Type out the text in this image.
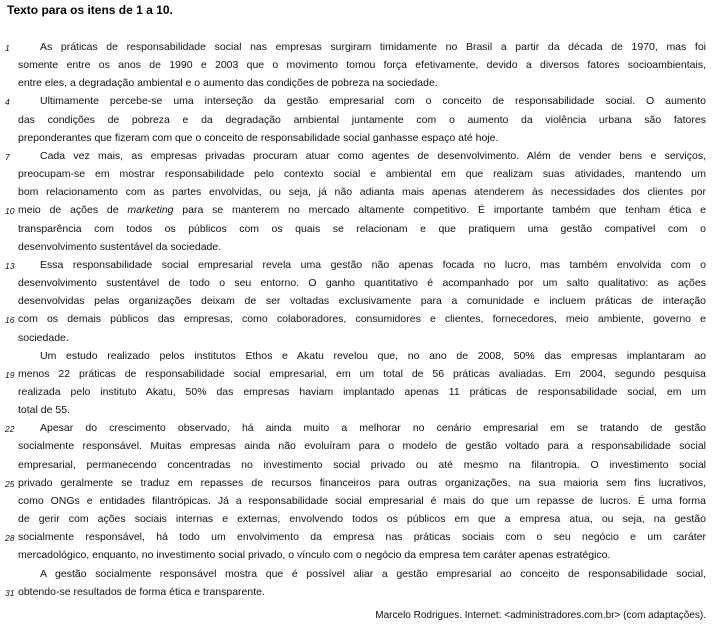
Texto para os itens de 1 a 10.
1	As práticas de responsabilidade social nas empresas surgiram timidamente no Brasil a partir da década de 1970, mas foi
somente entre os anos de 1990 e 2003 que o movimento tomou força efetivamente, devido a diversos fatores socioambientais,
entre eles, a degradação ambiental e o aumento das condições de pobreza na sociedade.
4	Ultimamente percebe-se uma interseção da gestão empresarial com o conceito de responsabilidade social. O aumento
das condições de pobreza e da degradação ambiental juntamente com o aumento da violência urbana são fatores
preponderantes que fizeram com que o conceito de responsabilidade social ganhasse espaço até hoje.
7	Cada vez mais, as empresas privadas procuram atuar como agentes de desenvolvimento. Além de vender bens e serviços,
preocupam-se em mostrar responsabilidade pelo contexto social e ambiental em que realizam suas atividades, mantendo um
bom relacionamento com as partes envolvidas, ou seja, já não adianta mais apenas atenderem às necessidades dos clientes por
10 meio de ações de marketing para se manterem no mercado altamente competitivo. É importante também que tenham ética e
transparência com todos os públicos com os quais se relacionam e que pratiquem uma gestão compatível com o
desenvolvimento sustentável da sociedade.
13 Essa responsabilidade social empresarial revela uma gestão não apenas focada no lucro, mas também envolvida com o
desenvolvimento sustentável de todo o seu entorno. O ganho quantitativo é acompanhado por um salto qualitativo: as ações
desenvolvidas pelas organizações deixam de ser voltadas exclusivamente para a comunidade e incluem práticas de interação
16 com os demais públicos das empresas, como colaboradores, consumidores e clientes, fornecedores, meio ambiente, governo e
sociedade.
Um estudo realizado pelos institutos Ethos e Akatu revelou que, no ano de 2008, 50% das empresas implantaram ao
19 menos 22 práticas de responsabilidade social empresarial, em um total de 56 práticas avaliadas. Em 2004, segundo pesquisa
realizada pelo instituto Akatu, 50% das empresas haviam implantado apenas 11 práticas de responsabilidade social, em um
total de 55.
22 Apesar do crescimento observado, há ainda muito a melhorar no cenário empresarial em se tratando de gestão
socialmente responsável. Muitas empresas ainda não evoluíram para o modelo de gestão voltado para a responsabilidade social
empresarial, permanecendo concentradas no investimento social privado ou até mesmo na filantropia. O investimento social
25 privado geralmente se traduz em repasses de recursos financeiros para outras organizações, na sua maioria sem fins lucrativos,
como ONGs e entidades filantrópicas. Já a responsabilidade social empresarial é mais do que um repasse de lucros. É uma forma
de gerir com ações sociais internas e externas, envolvendo todos os públicos em que a empresa atua, ou seja, na gestão
28 socialmente responsável, há todo um envolvimento da empresa nas práticas sociais com o seu negócio e um caráter
mercadológico, enquanto, no investimento social privado, o vínculo com o negócio da empresa tem caráter apenas estratégico.
A gestão socialmente responsável mostra que é possível aliar a gestão empresarial ao conceito de responsabilidade social,
31 obtendo-se resultados de forma ética e transparente.
Marcelo Rodrigues. Internet: <administradores.com.br> (com adaptações).
